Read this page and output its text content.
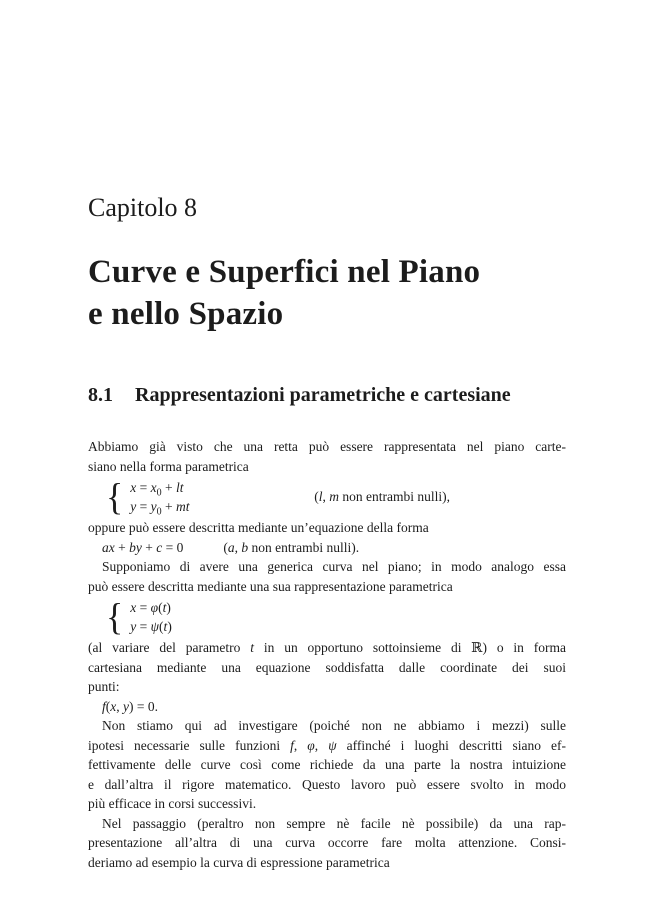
Capitolo 8
Curve e Superfici nel Piano
e nello Spazio
8.1 Rappresentazioni parametriche e cartesiane
Abbiamo già visto che una retta può essere rappresentata nel piano carte-
siano nella forma parametrica
{ $x = x_0$ + lt
$y = y_0$ + mt
(l, m non entrambi nulli),
oppure può essere descritta mediante un’equazione della forma
ax + by + c = 0	(a, b non entrambi nulli).
Supponiamo di avere una generica curva nel piano; in modo analogo essa
può essere descritta mediante una sua rappresentazione parametrica
{ x = φ(t)
y = ψ(t)
(al variare del parametro t in un opportuno sottoinsieme di ℝ) o in forma
cartesiana mediante una equazione soddisfatta dalle coordinate dei suoi
punti:
f(x, y) = 0.
Non stiamo qui ad investigare (poiché non ne abbiamo i mezzi) sulle
ipotesi necessarie sulle funzioni f, φ, ψ affinché i luoghi descritti siano ef-
fettivamente delle curve così come richiede da una parte la nostra intuizione
e dall’altra il rigore matematico. Questo lavoro può essere svolto in modo
più efficace in corsi successivi.
Nel passaggio (peraltro non sempre nè facile nè possibile) da una rap-
presentazione all’altra di una curva occorre fare molta attenzione. Consi-
deriamo ad esempio la curva di espressione parametrica
